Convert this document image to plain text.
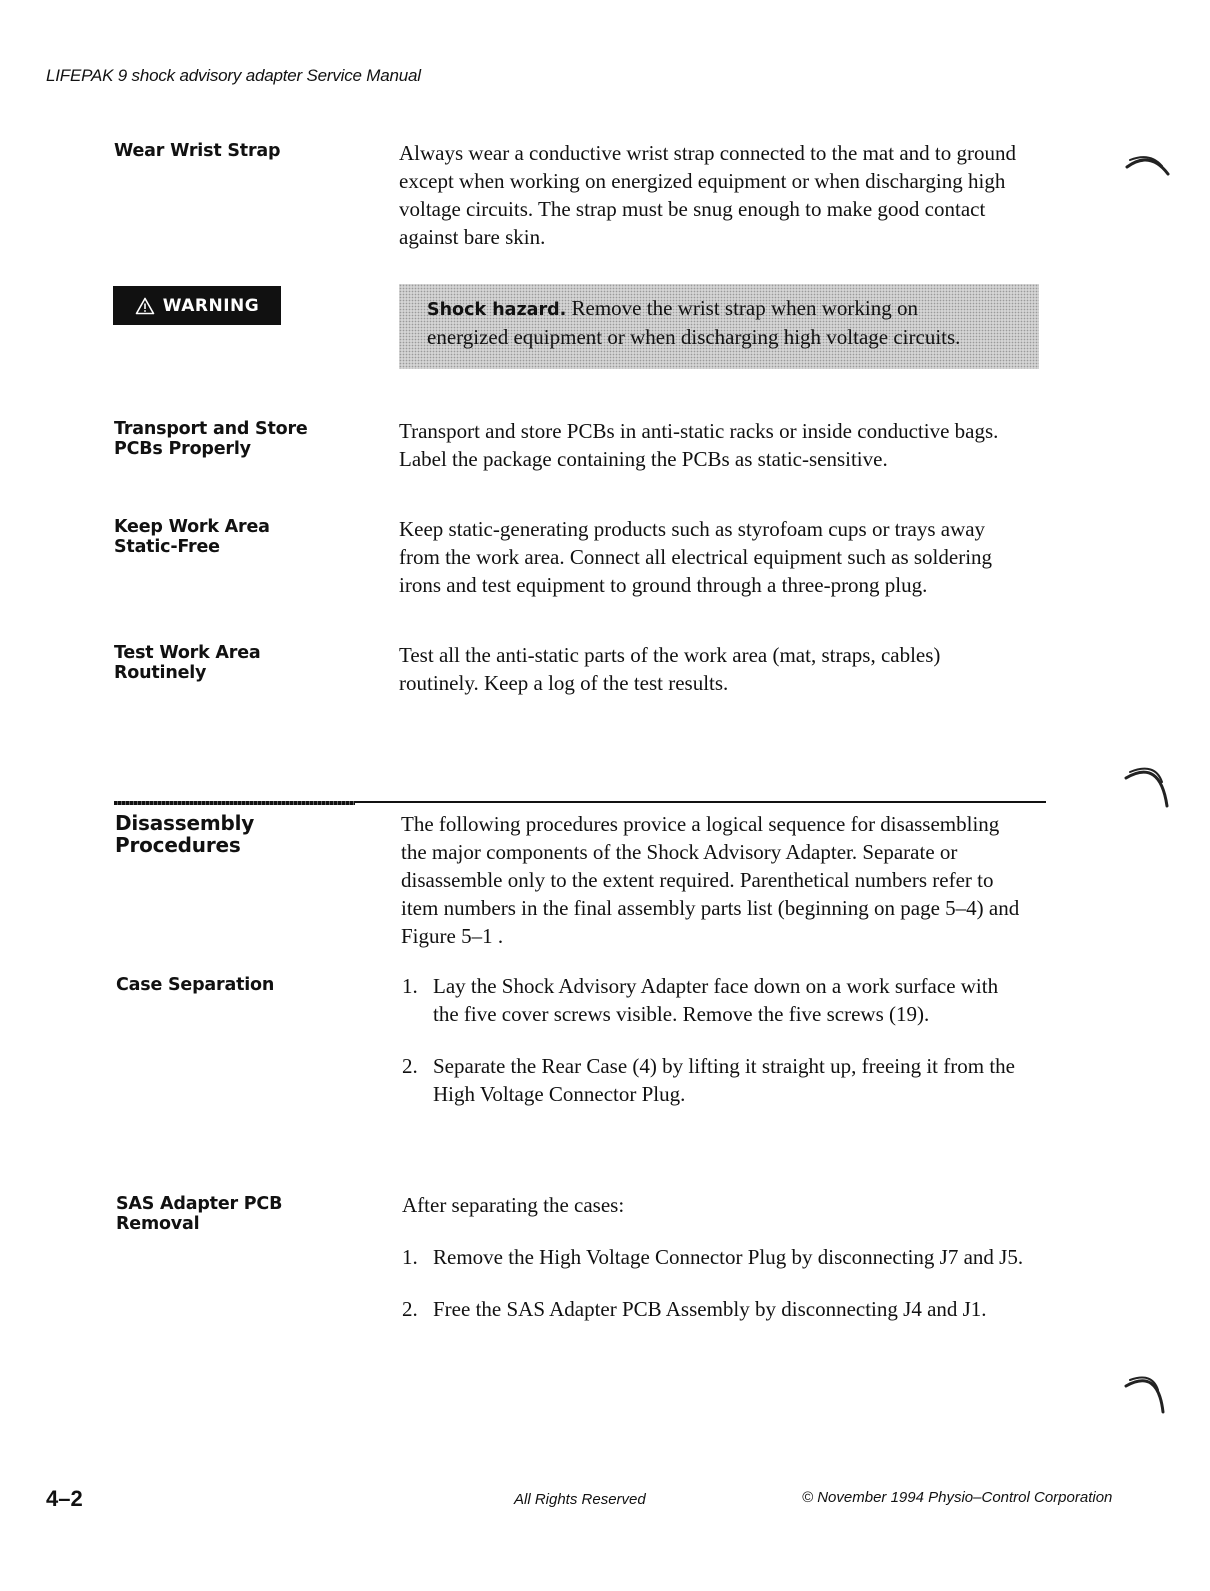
LIFEPAK 9 shock advisory adapter Service Manual
Wear Wrist Strap	Always wear a conductive wrist strap connected to the mat and to ground
except when working on energized equipment or when discharging high
voltage circuits. The strap must be snug enough to make good contact
against bare skin.
WARNING	Shock hazard. Remove the wrist strap when working on
energized equipment or when discharging high voltage circuits.
Transport and Store
PCBs Properly
Transport and store PCBs in anti-static racks or inside conductive bags.
Label the package containing the PCBs as static-sensitive.
Keep Work Area
Static-Free
Keep static-generating products such as styrofoam cups or trays away
from the work area. Connect all electrical equipment such as soldering
irons and test equipment to ground through a three-prong plug.
Test Work Area
Routinely
Test all the anti-static parts of the work area (mat, straps, cables)
routinely. Keep a log of the test results.
Disassembly
Procedures
The following procedures provice a logical sequence for disassembling
the major components of the Shock Advisory Adapter. Separate or
disassemble only to the extent required. Parenthetical numbers refer to
item numbers in the final assembly parts list (beginning on page 5–4) and
Figure 5–1 .
Case Separation	1. Lay the Shock Advisory Adapter face down on a work surface with
the five cover screws visible. Remove the five screws (19).
2. Separate the Rear Case (4) by lifting it straight up, freeing it from the
High Voltage Connector Plug.
SAS Adapter PCB
Removal
After separating the cases:
1. Remove the High Voltage Connector Plug by disconnecting J7 and J5.
2. Free the SAS Adapter PCB Assembly by disconnecting J4 and J1.
4–2	All Rights Reserved	© November 1994 Physio–Control Corporation
